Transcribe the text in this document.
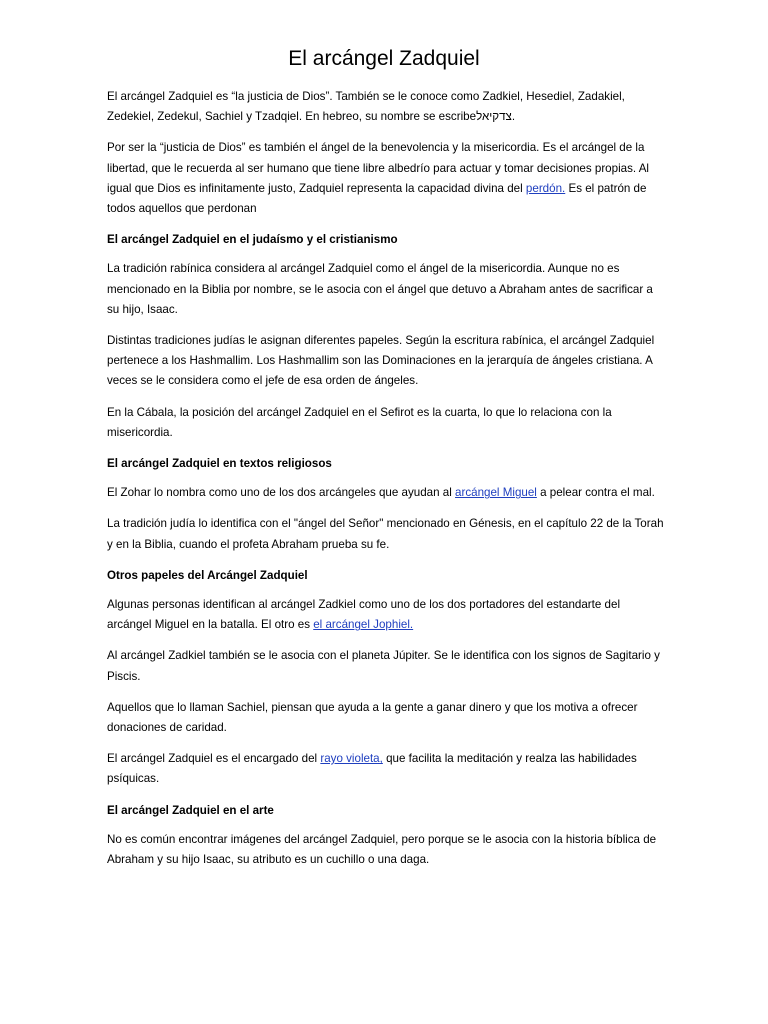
El arcángel Zadquiel

El arcángel Zadquiel es “la justicia de Dios”. También se le conoce como Zadkiel, Hesediel, Zadakiel, Zedekiel, Zedekul, Sachiel y Tzadqiel. En hebreo, su nombre se escribeצדקיאל.

Por ser la “justicia de Dios” es también el ángel de la benevolencia y la misericordia. Es el arcángel de la libertad, que le recuerda al ser humano que tiene libre albedrío para actuar y tomar decisiones propias. Al igual que Dios es infinitamente justo, Zadquiel representa la capacidad divina del perdón. Es el patrón de todos aquellos que perdonan

El arcángel Zadquiel en el judaísmo y el cristianismo

La tradición rabínica considera al arcángel Zadquiel como el ángel de la misericordia. Aunque no es mencionado en la Biblia por nombre, se le asocia con el ángel que detuvo a Abraham antes de sacrificar a su hijo, Isaac.

Distintas tradiciones judías le asignan diferentes papeles. Según la escritura rabínica, el arcángel Zadquiel pertenece a los Hashmallim. Los Hashmallim son las Dominaciones en la jerarquía de ángeles cristiana. A veces se le considera como el jefe de esa orden de ángeles.

En la Cábala, la posición del arcángel Zadquiel en el Sefirot es la cuarta, lo que lo relaciona con la misericordia.

El arcángel Zadquiel en textos religiosos

El Zohar lo nombra como uno de los dos arcángeles que ayudan al arcángel Miguel a pelear contra el mal.

La tradición judía lo identifica con el "ángel del Señor" mencionado en Génesis, en el capítulo 22 de la Torah y en la Biblia, cuando el profeta Abraham prueba su fe.

Otros papeles del Arcángel Zadquiel

Algunas personas identifican al arcángel Zadkiel como uno de los dos portadores del estandarte del arcángel Miguel en la batalla. El otro es el arcángel Jophiel.

Al arcángel Zadkiel también se le asocia con el planeta Júpiter. Se le identifica con los signos de Sagitario y Piscis.

Aquellos que lo llaman Sachiel, piensan que ayuda a la gente a ganar dinero y que los motiva a ofrecer donaciones de caridad.

El arcángel Zadquiel es el encargado del rayo violeta, que facilita la meditación y realza las habilidades psíquicas.

El arcángel Zadquiel en el arte

No es común encontrar imágenes del arcángel Zadquiel, pero porque se le asocia con la historia bíblica de Abraham y su hijo Isaac, su atributo es un cuchillo o una daga.
